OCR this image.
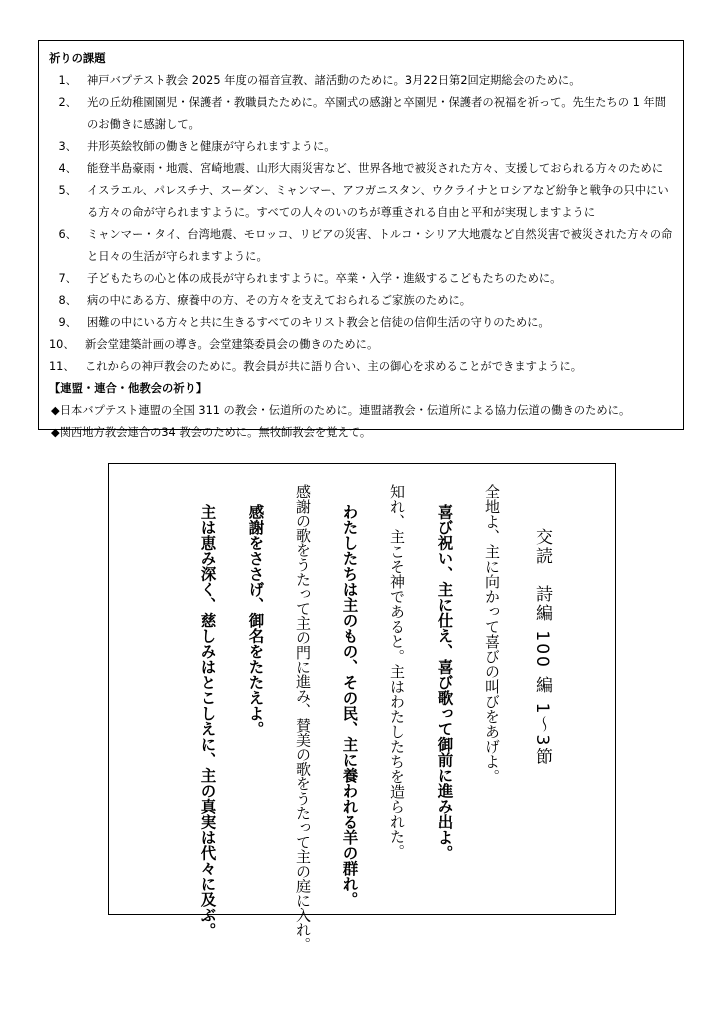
祈りの課題
1、 神戸バプテスト教会 2025 年度の福音宣教、諸活動のために。3月22日第2回定期総会のために。
2、 光の丘幼稚園園児・保護者・教職員たために。卒園式の感謝と卒園児・保護者の祝福を祈って。先生たちの 1 年間のお働きに感謝して。
3、 井形英絵牧師の働きと健康が守られますように。
4、 能登半島豪雨・地震、宮崎地震、山形大雨災害など、世界各地で被災された方々、支援しておられる方々のために
5、 イスラエル、パレスチナ、スーダン、ミャンマー、アフガニスタン、ウクライナとロシアなど紛争と戦争の只中にいる方々の命が守られますように。すべての人々のいのちが尊重される自由と平和が実現しますように
6、 ミャンマー・タイ、台湾地震、モロッコ、リビアの災害、トルコ・シリア大地震など自然災害で被災された方々の命と日々の生活が守られますように。
7、 子どもたちの心と体の成長が守られますように。卒業・入学・進級するこどもたちのために。
8、 病の中にある方、療養中の方、その方々を支えておられるご家族のために。
9、 困難の中にいる方々と共に生きるすべてのキリスト教会と信徒の信仰生活の守りのために。
10、 新会堂建築計画の導き。会堂建築委員会の働きのために。
11、 これからの神戸教会のために。教会員が共に語り合い、主の御心を求めることができますように。
【連盟・連合・他教会の祈り】
◆日本バプテスト連盟の全国 311 の教会・伝道所のために。連盟諸教会・伝道所による協力伝道の働きのために。
◆関西地方教会連合の34 教会のために。無牧師教会を覚えて。
交読　詩編 100 編 1～3節
全地よ、主に向かって喜びの叫びをあげよ。
喜び祝い、主に仕え、喜び歌って御前に進み出よ。
知れ、主こそ神であると。主はわたしたちを造られた。
わたしたちは主のもの、その民、主に養われる羊の群れ。
感謝の歌をうたって主の門に進み、賛美の歌をうたって主の庭に入れ。
感謝をささげ、御名をたたえよ。
主は恵み深く、慈しみはとこしえに、主の真実は代々に及ぶ。
